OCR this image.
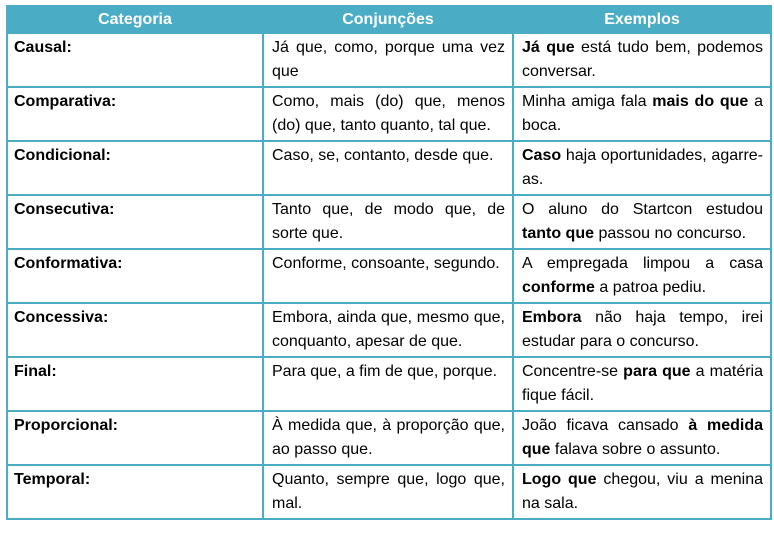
Categoria	Conjunções	Exemplos
Causal:	Já que, como, porque uma vez que	Já que está tudo bem, podemos conversar.
Comparativa:	Como, mais (do) que, menos (do) que, tanto quanto, tal que.	Minha amiga fala mais do que a boca.
Condicional:	Caso, se, contanto, desde que.	Caso haja oportunidades, agarre-as.
Consecutiva:	Tanto que, de modo que, de sorte que.	O aluno do Startcon estudou tanto que passou no concurso.
Conformativa:	Conforme, consoante, segundo.	A empregada limpou a casa conforme a patroa pediu.
Concessiva:	Embora, ainda que, mesmo que, conquanto, apesar de que.	Embora não haja tempo, irei estudar para o concurso.
Final:	Para que, a fim de que, porque.	Concentre-se para que a matéria fique fácil.
Proporcional:	À medida que, à proporção que, ao passo que.	João ficava cansado à medida que falava sobre o assunto.
Temporal:	Quanto, sempre que, logo que, mal.	Logo que chegou, viu a menina na sala.
